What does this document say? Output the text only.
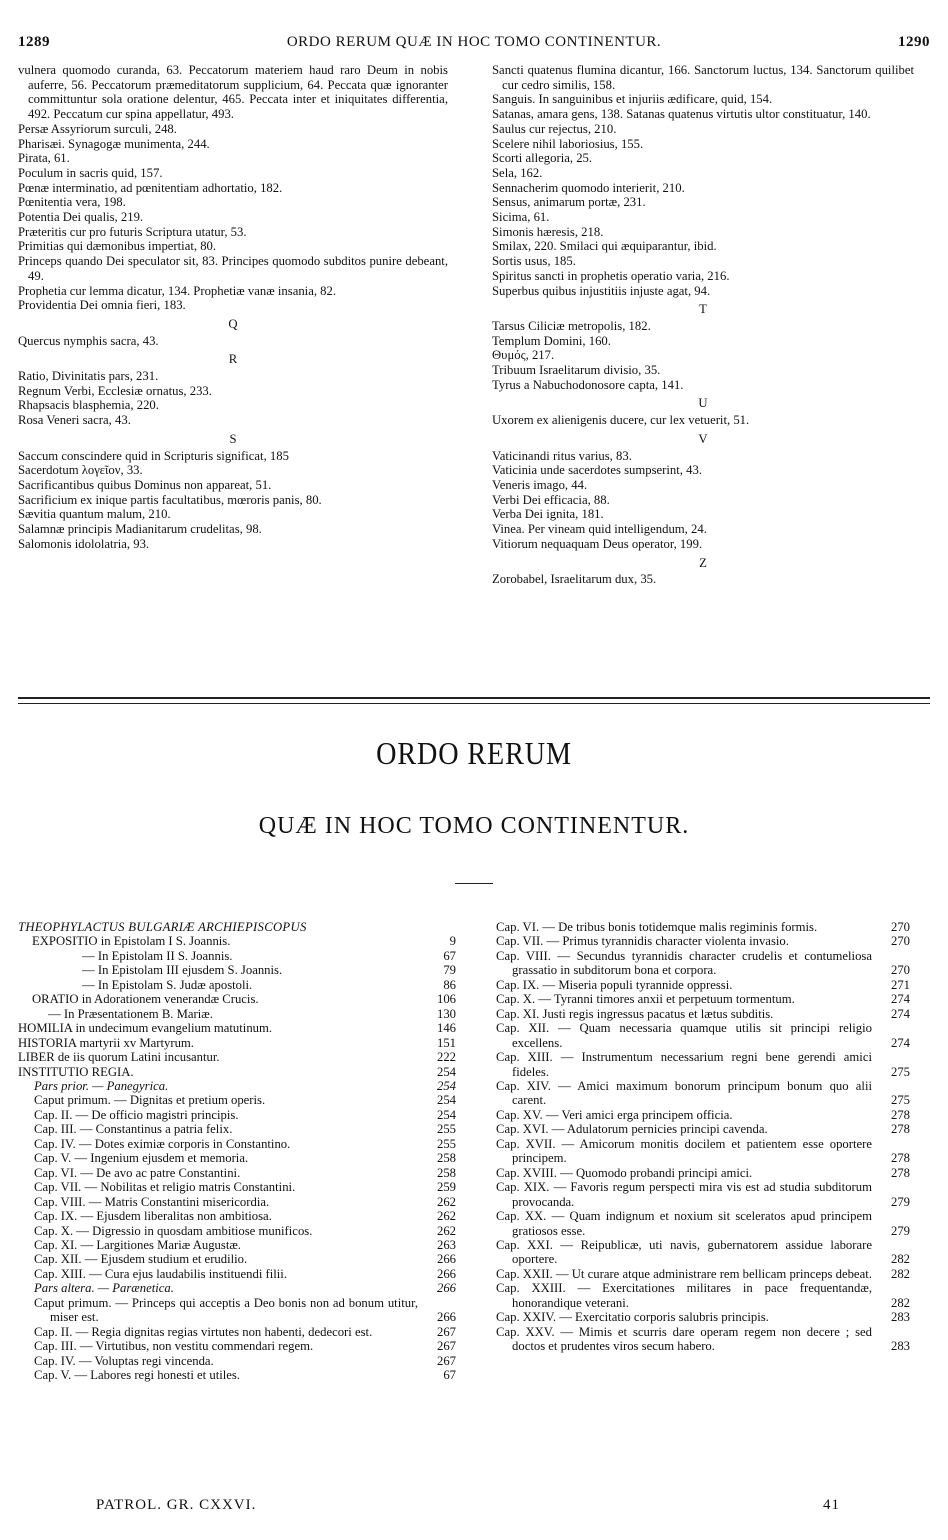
1289	ORDO RERUM QUÆ IN HOC TOMO CONTINENTUR.	1290

vulnera quomodo curanda, 63. Peccatorum materiem haud raro Deum in nobis auferre, 56. Peccatorum præmeditatorum supplicium, 64. Peccata quæ ignoranter committuntur sola oratione delentur, 465. Peccata inter et iniquitates differentia, 492. Peccatum cur spina appellatur, 493.

Persæ Assyriorum surculi, 248.

Pharisæi. Synagogæ munimenta, 244.

Pirata, 61.

Poculum in sacris quid, 157.

Pœnæ interminatio, ad pœnitentiam adhortatio, 182.

Pœnitentia vera, 198.

Potentia Dei qualis, 219.

Præteritis cur pro futuris Scriptura utatur, 53.

Primitias qui dæmonibus impertiat, 80.

Princeps quando Dei speculator sit, 83. Principes quomodo subditos punire debeant, 49.

Prophetia cur lemma dicatur, 134. Prophetiæ vanæ insania, 82.

Providentia Dei omnia fieri, 183.

Q

Quercus nymphis sacra, 43.

R

Ratio, Divinitatis pars, 231.

Regnum Verbi, Ecclesiæ ornatus, 233.

Rhapsacis blasphemia, 220.

Rosa Veneri sacra, 43.

S

Saccum conscindere quid in Scripturis significat, 185

Sacerdotum λογεῖον, 33.

Sacrificantibus quibus Dominus non appareat, 51.

Sacrificium ex inique partis facultatibus, mœroris panis, 80.

Sævitia quantum malum, 210.

Salamnæ principis Madianitarum crudelitas, 98.

Salomonis idololatria, 93.

Sancti quatenus flumina dicantur, 166. Sanctorum luctus, 134. Sanctorum quilibet cur cedro similis, 158.

Sanguis. In sanguinibus et injuriis ædificare, quid, 154.

Satanas, amara gens, 138. Satanas quatenus virtutis ultor constituatur, 140.

Saulus cur rejectus, 210.

Scelere nihil laboriosius, 155.

Scorti allegoria, 25.

Sela, 162.

Sennacherim quomodo interierit, 210.

Sensus, animarum portæ, 231.

Sicima, 61.

Simonis hæresis, 218.

Smilax, 220. Smilaci qui æquiparantur, ibid.

Sortis usus, 185.

Spiritus sancti in prophetis operatio varia, 216.

Superbus quibus injustitiis injuste agat, 94.

T

Tarsus Ciliciæ metropolis, 182.

Templum Domini, 160.

Θυμός, 217.

Tribuum Israelitarum divisio, 35.

Tyrus a Nabuchodonosore capta, 141.

U

Uxorem ex alienigenis ducere, cur lex vetuerit, 51.

V

Vaticinandi ritus varius, 83.

Vaticinia unde sacerdotes sumpserint, 43.

Veneris imago, 44.

Verbi Dei efficacia, 88.

Verba Dei ignita, 181.

Vinea. Per vineam quid intelligendum, 24.

Vitiorum nequaquam Deus operator, 199.

Z

Zorobabel, Israelitarum dux, 35.

ORDO RERUM
QUÆ IN HOC TOMO CONTINENTUR.
THEOPHYLACTUS BULGARIÆ ARCHIEPISCOPUS
EXPOSITIO in Epistolam I S. Joannis.	9
— In Epistolam II S. Joannis.	67
— In Epistolam III ejusdem S. Joannis.	79
— In Epistolam S. Judæ apostoli.	86
ORATIO in Adorationem venerandæ Crucis.	106
— In Præsentationem B. Mariæ.	130
HOMILIA in undecimum evangelium matutinum.	146
HISTORIA martyrii xv Martyrum.	151
LIBER de iis quorum Latini incusantur.	222
INSTITUTIO REGIA.	254
Pars prior. — Panegyrica.	254
Caput primum. — Dignitas et pretium operis.	254
Cap. II. — De officio magistri principis.	254
Cap. III. — Constantinus a patria felix.	255
Cap. IV. — Dotes eximiæ corporis in Constantino.	255
Cap. V. — Ingenium ejusdem et memoria.	258
Cap. VI. — De avo ac patre Constantini.	258
Cap. VII. — Nobilitas et religio matris Constantini.	259
Cap. VIII. — Matris Constantini misericordia.	262
Cap. IX. — Ejusdem liberalitas non ambitiosa.	262
Cap. X. — Digressio in quosdam ambitiose munificos.	262
Cap. XI. — Largitiones Mariæ Augustæ.	263
Cap. XII. — Ejusdem studium et erudilio.	266
Cap. XIII. — Cura ejus laudabilis instituendi filii.	266
Pars altera. — Parænetica.	266
Caput primum. — Princeps qui acceptis a Deo bonis non ad bonum utitur, miser est.	266
Cap. II. — Regia dignitas regias virtutes non habenti, dedecori est.	267
Cap. III. — Virtutibus, non vestitu commendari regem.	267
Cap. IV. — Voluptas regi vincenda.	267
Cap. V. — Labores regi honesti et utiles.	67
Cap. VI. — De tribus bonis totidemque malis regiminis formis.	270
Cap. VII. — Primus tyrannidis character violenta invasio.	270
Cap. VIII. — Secundus tyrannidis character crudelis et contumeliosa grassatio in subditorum bona et corpora.	270
Cap. IX. — Miseria populi tyrannide oppressi.	271
Cap. X. — Tyranni timores anxii et perpetuum tormentum.	274
Cap. XI. Justi regis ingressus pacatus et lætus subditis.	274
Cap. XII. — Quam necessaria quamque utilis sit principi religio excellens.	274
Cap. XIII. — Instrumentum necessarium regni bene gerendi amici fideles.	275
Cap. XIV. — Amici maximum bonorum principum bonum quo alii carent.	275
Cap. XV. — Veri amici erga principem officia.	278
Cap. XVI. — Adulatorum pernicies principi cavenda.	278
Cap. XVII. — Amicorum monitis docilem et patientem esse oportere principem.	278
Cap. XVIII. — Quomodo probandi principi amici.	278
Cap. XIX. — Favoris regum perspecti mira vis est ad studia subditorum provocanda.	279
Cap. XX. — Quam indignum et noxium sit sceleratos apud principem gratiosos esse.	279
Cap. XXI. — Reipublicæ, uti navis, gubernatorem assidue laborare oportere.	282
Cap. XXII. — Ut curare atque administrare rem bellicam princeps debeat.	282
Cap. XXIII. — Exercitationes militares in pace frequentandæ, honorandique veterani.	282
Cap. XXIV. — Exercitatio corporis salubris principis.	283
Cap. XXV. — Mimis et scurris dare operam regem non decere ; sed doctos et prudentes viros secum habero.	283
PATROL. GR. CXXVI.	41
